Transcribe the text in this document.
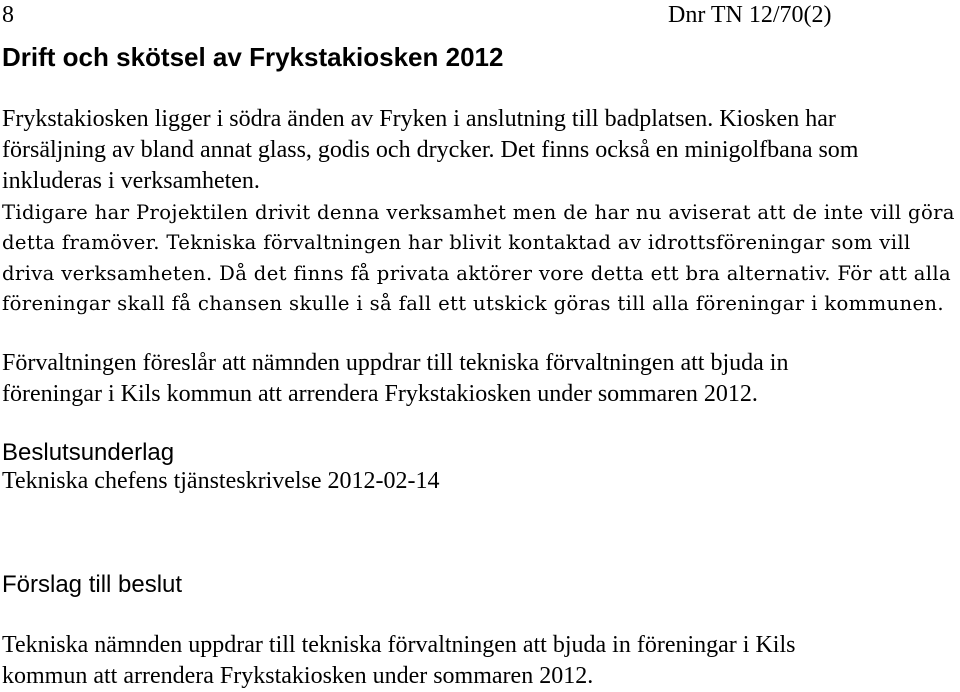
8	Dnr TN 12/70(2)
Drift och skötsel av Frykstakiosken 2012

Frykstakiosken ligger i södra änden av Fryken i anslutning till badplatsen. Kiosken har
försäljning av bland annat glass, godis och drycker. Det finns också en minigolfbana som
inkluderas i verksamheten.

Tidigare har Projektilen drivit denna verksamhet men de har nu aviserat att de inte vill göra
detta framöver. Tekniska förvaltningen har blivit kontaktad av idrottsföreningar som vill
driva verksamheten. Då det finns få privata aktörer vore detta ett bra alternativ. För att alla
föreningar skall få chansen skulle i så fall ett utskick göras till alla föreningar i kommunen.

Förvaltningen föreslår att nämnden uppdrar till tekniska förvaltningen att bjuda in
föreningar i Kils kommun att arrendera Frykstakiosken under sommaren 2012.

Beslutsunderlag

Tekniska chefens tjänsteskrivelse 2012-02-14

Förslag till beslut

Tekniska nämnden uppdrar till tekniska förvaltningen att bjuda in föreningar i Kils
kommun att arrendera Frykstakiosken under sommaren 2012.
